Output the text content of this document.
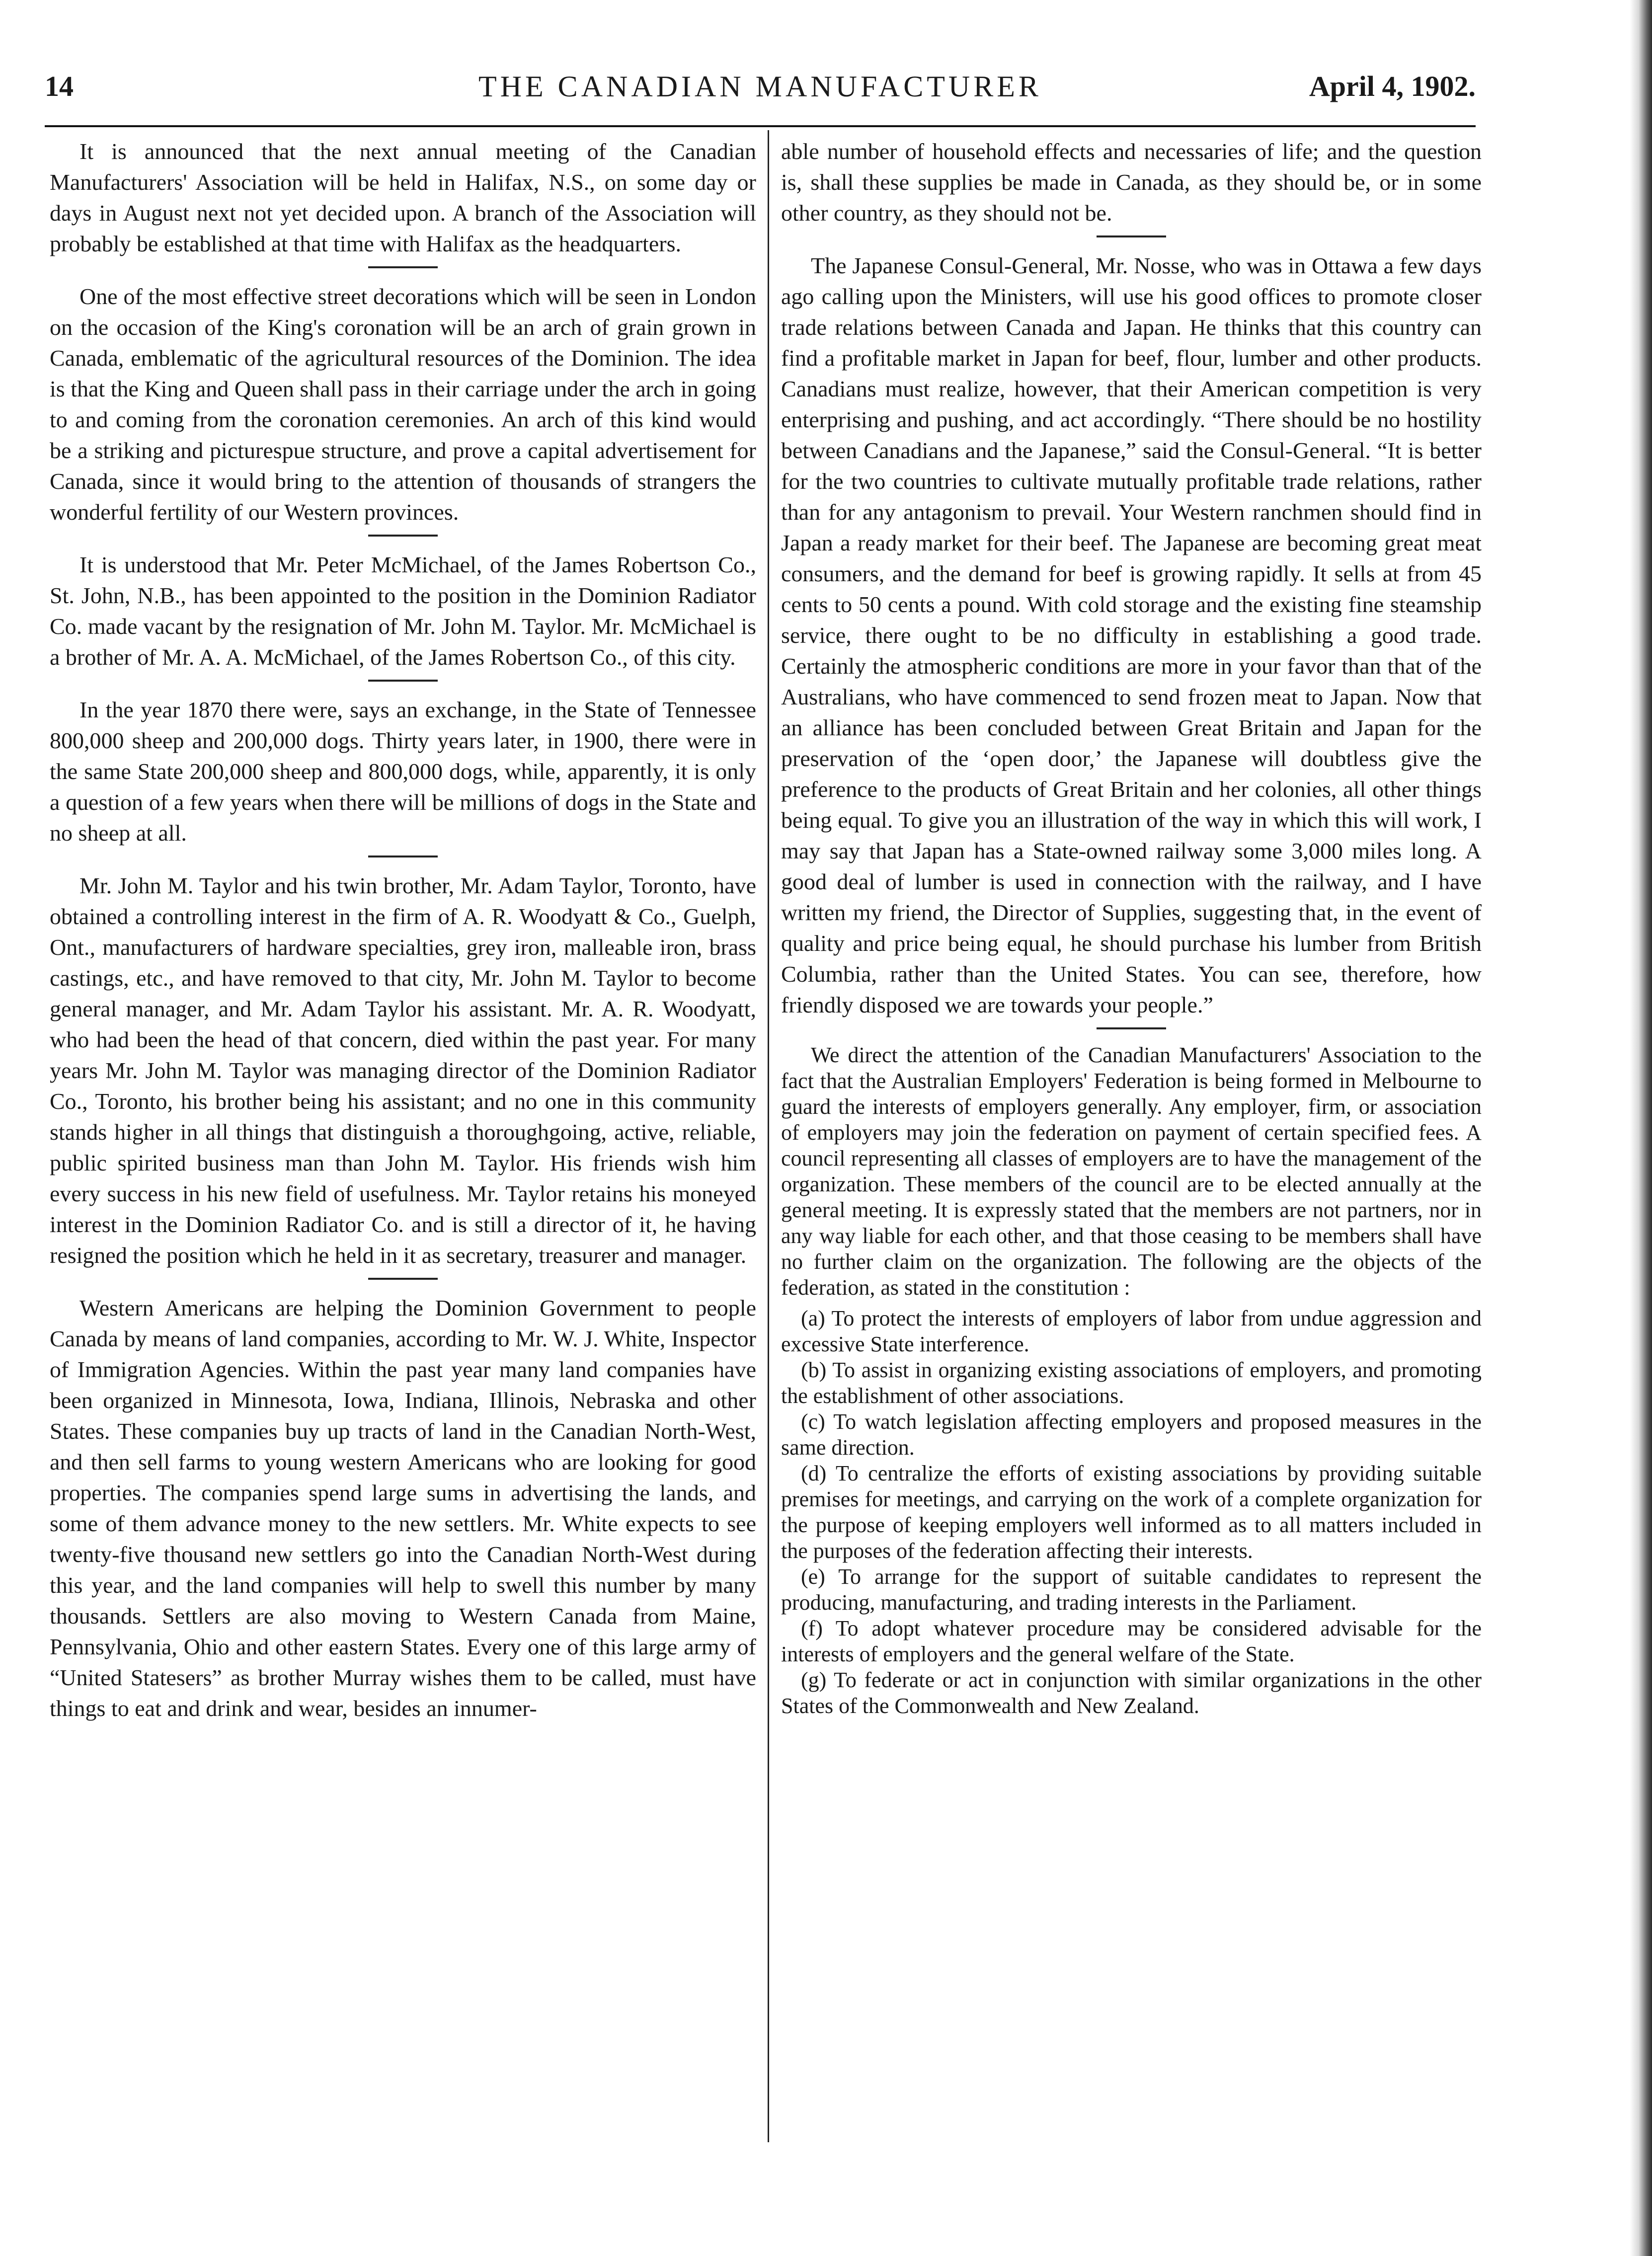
14	THE CANADIAN MANUFACTURER	April 4, 1902.

It is announced that the next annual meeting of the Canadian Manufacturers' Association will be held in Halifax, N.S., on some day or days in August next not yet decided upon. A branch of the Association will probably be established at that time with Halifax as the headquarters.

One of the most effective street decorations which will be seen in London on the occasion of the King's coronation will be an arch of grain grown in Canada, emblematic of the agricultural resources of the Dominion. The idea is that the King and Queen shall pass in their carriage under the arch in going to and coming from the coronation ceremonies. An arch of this kind would be a striking and picturespue structure, and prove a capital advertisement for Canada, since it would bring to the attention of thousands of strangers the wonderful fertility of our Western provinces.

It is understood that Mr. Peter McMichael, of the James Robertson Co., St. John, N.B., has been appointed to the position in the Dominion Radiator Co. made vacant by the resignation of Mr. John M. Taylor. Mr. McMichael is a brother of Mr. A. A. McMichael, of the James Robertson Co., of this city.

In the year 1870 there were, says an exchange, in the State of Tennessee 800,000 sheep and 200,000 dogs. Thirty years later, in 1900, there were in the same State 200,000 sheep and 800,000 dogs, while, apparently, it is only a question of a few years when there will be millions of dogs in the State and no sheep at all.

Mr. John M. Taylor and his twin brother, Mr. Adam Taylor, Toronto, have obtained a controlling interest in the firm of A. R. Woodyatt & Co., Guelph, Ont., manufacturers of hardware specialties, grey iron, malleable iron, brass castings, etc., and have removed to that city, Mr. John M. Taylor to become general manager, and Mr. Adam Taylor his assistant. Mr. A. R. Woodyatt, who had been the head of that concern, died within the past year. For many years Mr. John M. Taylor was managing director of the Dominion Radiator Co., Toronto, his brother being his assistant; and no one in this community stands higher in all things that distinguish a thoroughgoing, active, reliable, public spirited business man than John M. Taylor. His friends wish him every success in his new field of usefulness. Mr. Taylor retains his moneyed interest in the Dominion Radiator Co. and is still a director of it, he having resigned the position which he held in it as secretary, treasurer and manager.

Western Americans are helping the Dominion Government to people Canada by means of land companies, according to Mr. W. J. White, Inspector of Immigration Agencies. Within the past year many land companies have been organized in Minnesota, Iowa, Indiana, Illinois, Nebraska and other States. These companies buy up tracts of land in the Canadian North-West, and then sell farms to young western Americans who are looking for good properties. The companies spend large sums in advertising the lands, and some of them advance money to the new settlers. Mr. White expects to see twenty-five thousand new settlers go into the Canadian North-West during this year, and the land companies will help to swell this number by many thousands. Settlers are also moving to Western Canada from Maine, Pennsylvania, Ohio and other eastern States. Every one of this large army of “United Statesers” as brother Murray wishes them to be called, must have things to eat and drink and wear, besides an innumer-

able number of household effects and necessaries of life; and the question is, shall these supplies be made in Canada, as they should be, or in some other country, as they should not be.

The Japanese Consul-General, Mr. Nosse, who was in Ottawa a few days ago calling upon the Ministers, will use his good offices to promote closer trade relations between Canada and Japan. He thinks that this country can find a profitable market in Japan for beef, flour, lumber and other products. Canadians must realize, however, that their American competition is very enterprising and pushing, and act accordingly. “There should be no hostility between Canadians and the Japanese,” said the Consul-General. “It is better for the two countries to cultivate mutually profitable trade relations, rather than for any antagonism to prevail. Your Western ranchmen should find in Japan a ready market for their beef. The Japanese are becoming great meat consumers, and the demand for beef is growing rapidly. It sells at from 45 cents to 50 cents a pound. With cold storage and the existing fine steamship service, there ought to be no difficulty in establishing a good trade. Certainly the atmospheric conditions are more in your favor than that of the Australians, who have commenced to send frozen meat to Japan. Now that an alliance has been concluded between Great Britain and Japan for the preservation of the ‘open door,’ the Japanese will doubtless give the preference to the products of Great Britain and her colonies, all other things being equal. To give you an illustration of the way in which this will work, I may say that Japan has a State-owned railway some 3,000 miles long. A good deal of lumber is used in connection with the railway, and I have written my friend, the Director of Supplies, suggesting that, in the event of quality and price being equal, he should purchase his lumber from British Columbia, rather than the United States. You can see, therefore, how friendly disposed we are towards your people.”

We direct the attention of the Canadian Manufacturers' Association to the fact that the Australian Employers' Federation is being formed in Melbourne to guard the interests of employers generally. Any employer, firm, or association of employers may join the federation on payment of certain specified fees. A council representing all classes of employers are to have the management of the organization. These members of the council are to be elected annually at the general meeting. It is expressly stated that the members are not partners, nor in any way liable for each other, and that those ceasing to be members shall have no further claim on the organization. The following are the objects of the federation, as stated in the constitution :

(a) To protect the interests of employers of labor from undue aggression and excessive State interference.

(b) To assist in organizing existing associations of employers, and promoting the establishment of other associations.

(c) To watch legislation affecting employers and proposed measures in the same direction.

(d) To centralize the efforts of existing associations by providing suitable premises for meetings, and carrying on the work of a complete organization for the purpose of keeping employers well informed as to all matters included in the purposes of the federation affecting their interests.

(e) To arrange for the support of suitable candidates to represent the producing, manufacturing, and trading interests in the Parliament.

(f) To adopt whatever procedure may be considered advisable for the interests of employers and the general welfare of the State.

(g) To federate or act in conjunction with similar organizations in the other States of the Commonwealth and New Zealand.
